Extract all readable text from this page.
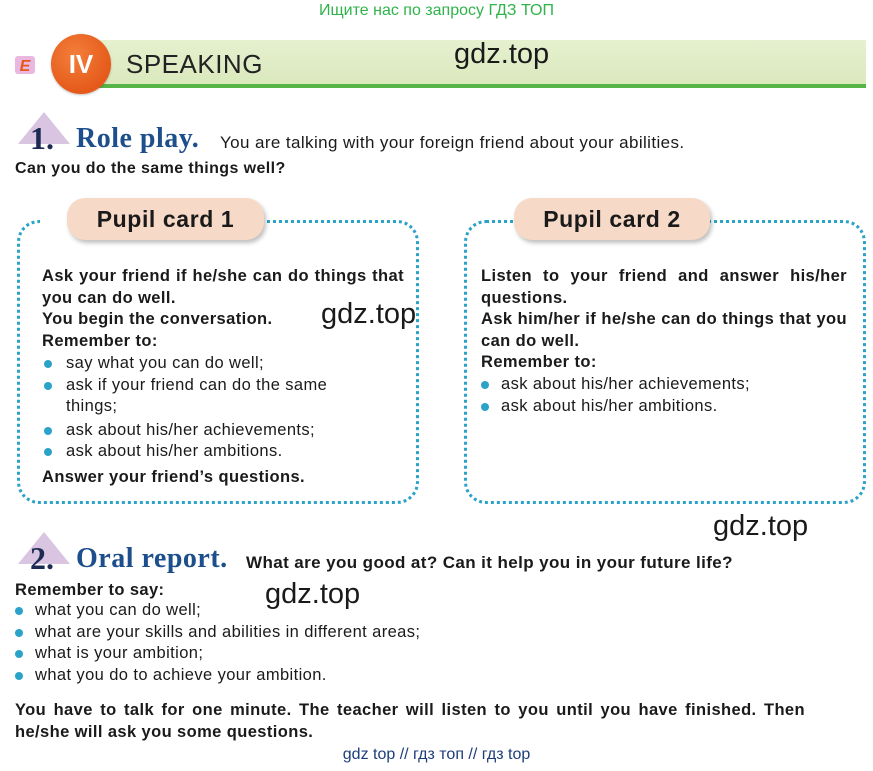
Ищите нас по запросу ГДЗ ТОП
E	IV	SPEAKING	gdz.top
1. Role play. You are talking with your foreign friend about your abilities.
Can you do the same things well?
Pupil card 1
Ask your friend if he/she can do things that you can do well.
You begin the conversation.
Remember to:
say what you can do well;
ask if your friend can do the same things;
ask about his/her achievements;
ask about his/her ambitions.
Answer your friend’s questions.
gdz.top
Pupil card 2
Listen to your friend and answer his/her questions.
Ask him/her if he/she can do things that you can do well.
Remember to:
ask about his/her achievements;
ask about his/her ambitions.
gdz.top
2. Oral report. What are you good at? Can it help you in your future life?
Remember to say:
what you can do well;
what are your skills and abilities in different areas;
what is your ambition;
what you do to achieve your ambition.
gdz.top
You have to talk for one minute. The teacher will listen to you until you have finished. Then he/she will ask you some questions.
gdz top // гдз топ // гдз top
